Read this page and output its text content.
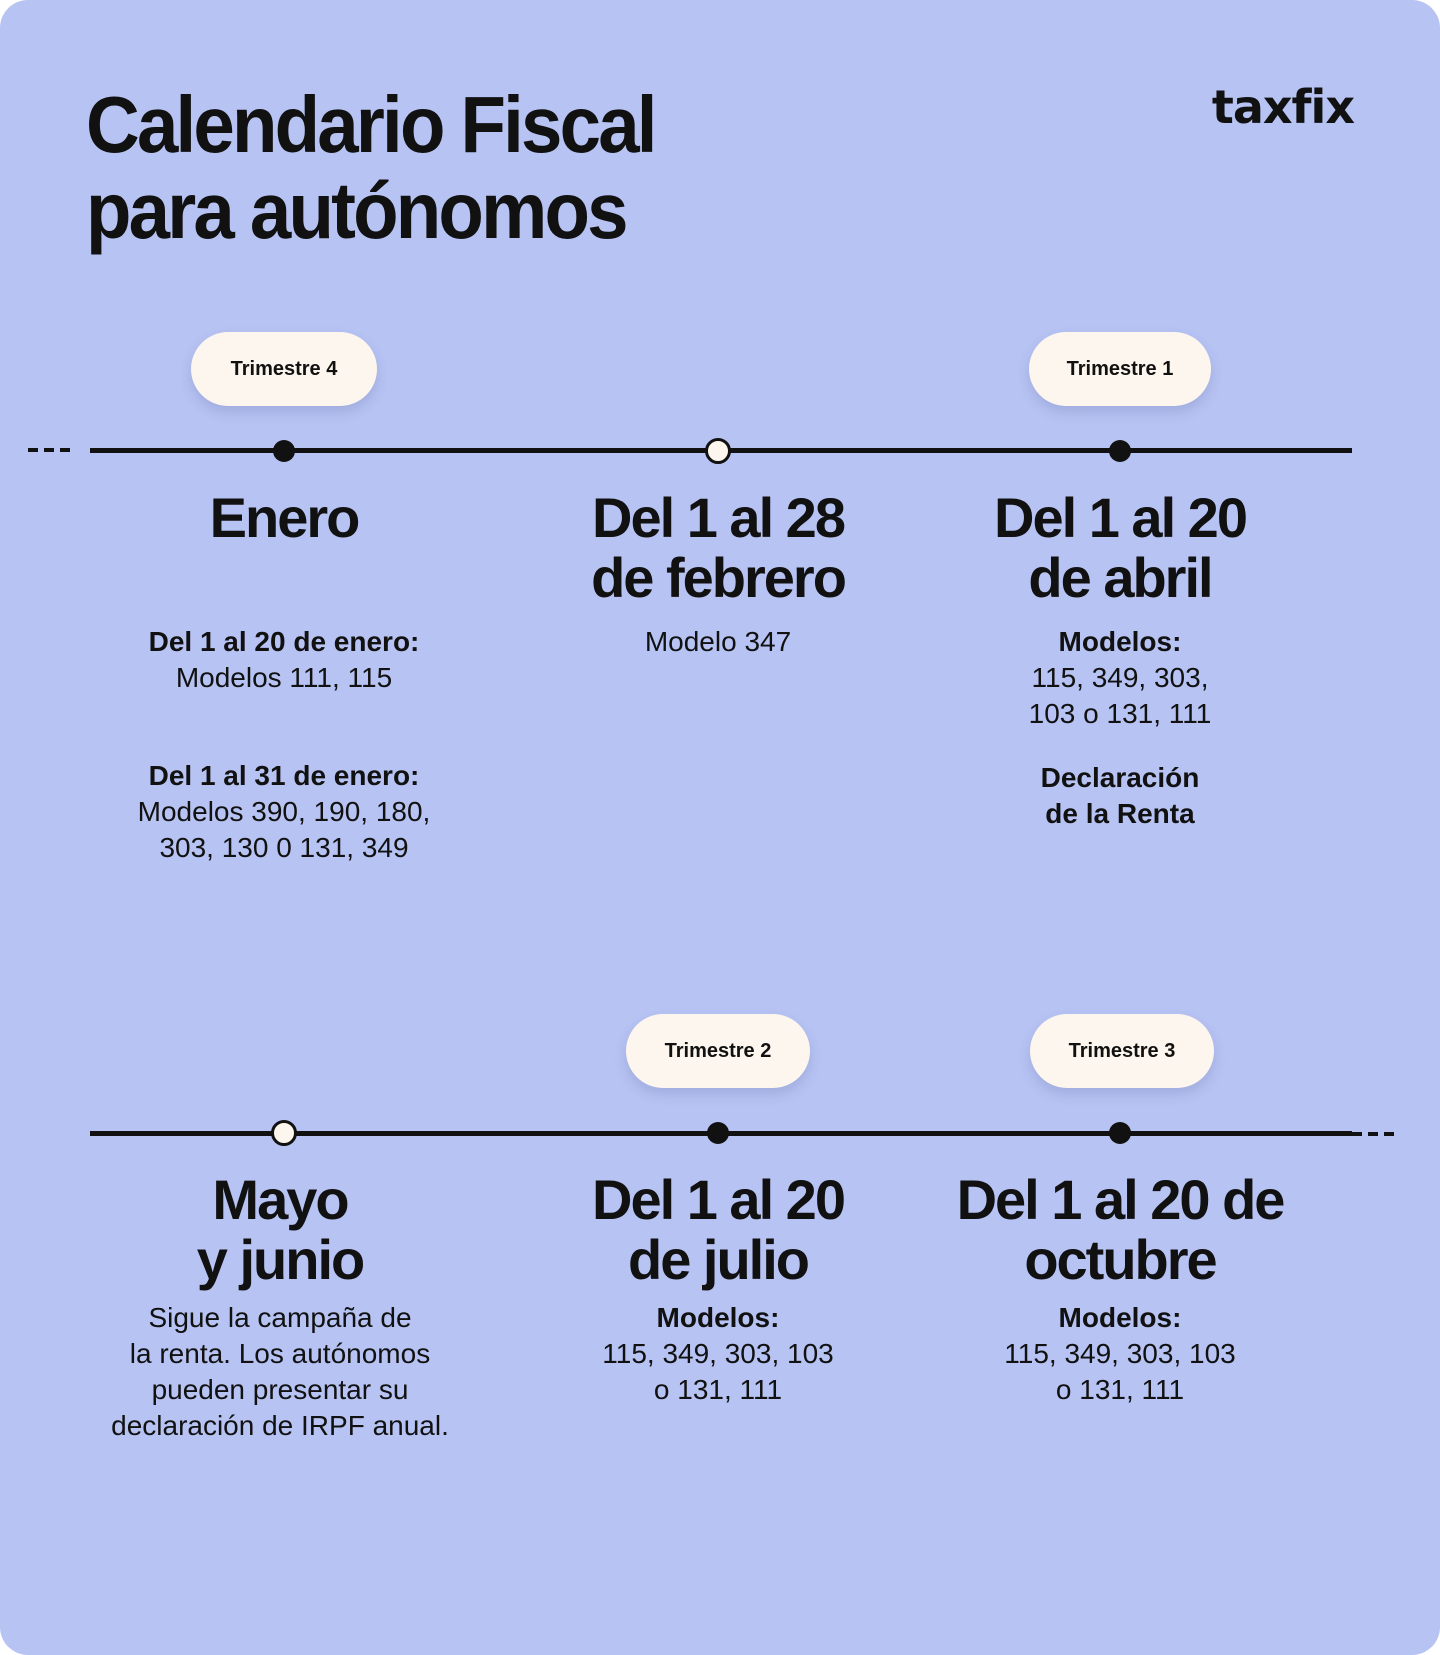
Calendario Fiscal
para autónomos
taxfix
Trimestre 4	Trimestre 1
Enero

Del 1 al 20 de enero:

Modelos 111, 115

Del 1 al 31 de enero:

Modelos 390, 190, 180,

303, 130 0 131, 349

Del 1 al 28
de febrero

Modelo 347

Del 1 al 20
de abril

Modelos:

115, 349, 303,

103 o 131, 111

Declaración

de la Renta

Trimestre 2	Trimestre 3
Mayo
y junio

Sigue la campaña de

la renta. Los autónomos

pueden presentar su

declaración de IRPF anual.

Del 1 al 20
de julio

Modelos:

115, 349, 303, 103

o 131, 111

Del 1 al 20 de
octubre

Modelos:

115, 349, 303, 103

o 131, 111
